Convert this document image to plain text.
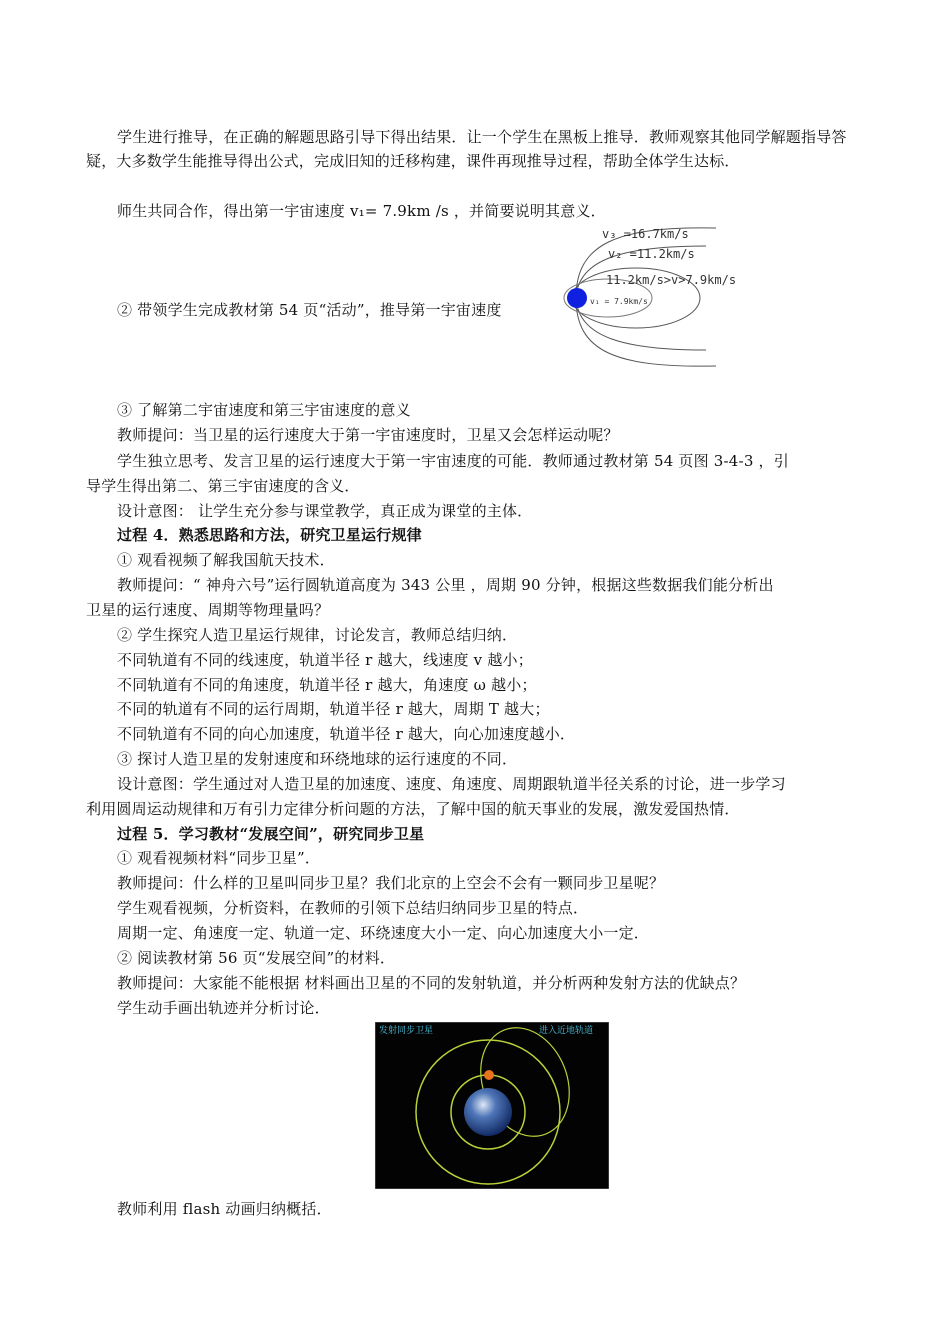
学生进行推导，在正确的解题思路引导下得出结果．让一个学生在黑板上推导．教师观察其他同学解题指导答疑，大多数学生能推导得出公式，完成旧知的迁移构建，课件再现推导过程，帮助全体学生达标．
师生共同合作，得出第一宇宙速度 v₁= 7.9km /s ，并简要说明其意义．
v₃ =16.7km/s
v₂ =11.2km/s
11.2km/s>v>7.9km/s
v₁ = 7.9km/s
② 带领学生完成教材第 54 页“活动”，推导第一宇宙速度
③ 了解第二宇宙速度和第三宇宙速度的意义
教师提问：当卫星的运行速度大于第一宇宙速度时，卫星又会怎样运动呢？
学生独立思考、发言卫星的运行速度大于第一宇宙速度的可能．教师通过教材第 54 页图 3-4-3 ，引
导学生得出第二、第三宇宙速度的含义．
设计意图： 让学生充分参与课堂教学，真正成为课堂的主体．
过程 4．熟悉思路和方法，研究卫星运行规律
① 观看视频了解我国航天技术．
教师提问：“ 神舟六号”运行圆轨道高度为 343 公里 ，周期 90 分钟，根据这些数据我们能分析出
卫星的运行速度、周期等物理量吗？
② 学生探究人造卫星运行规律，讨论发言，教师总结归纳．
不同轨道有不同的线速度，轨道半径 r 越大，线速度 v 越小；
不同轨道有不同的角速度，轨道半径 r 越大，角速度 ω 越小；
不同的轨道有不同的运行周期，轨道半径 r 越大，周期 T 越大；
不同轨道有不同的向心加速度，轨道半径 r 越大，向心加速度越小．
③ 探讨人造卫星的发射速度和环绕地球的运行速度的不同．
设计意图：学生通过对人造卫星的加速度、速度、角速度、周期跟轨道半径关系的讨论，进一步学习
利用圆周运动规律和万有引力定律分析问题的方法，了解中国的航天事业的发展，激发爱国热情．
过程 5．学习教材“发展空间”，研究同步卫星
① 观看视频材料“同步卫星”．
教师提问：什么样的卫星叫同步卫星？我们北京的上空会不会有一颗同步卫星呢？
学生观看视频，分析资料，在教师的引领下总结归纳同步卫星的特点．
周期一定、角速度一定、轨道一定、环绕速度大小一定、向心加速度大小一定．
② 阅读教材第 56 页“发展空间”的材料．
教师提问：大家能不能根据 材料画出卫星的不同的发射轨道，并分析两种发射方法的优缺点？
学生动手画出轨迹并分析讨论．
发射同步卫星	进入近地轨道
教师利用 flash 动画归纳概括．
